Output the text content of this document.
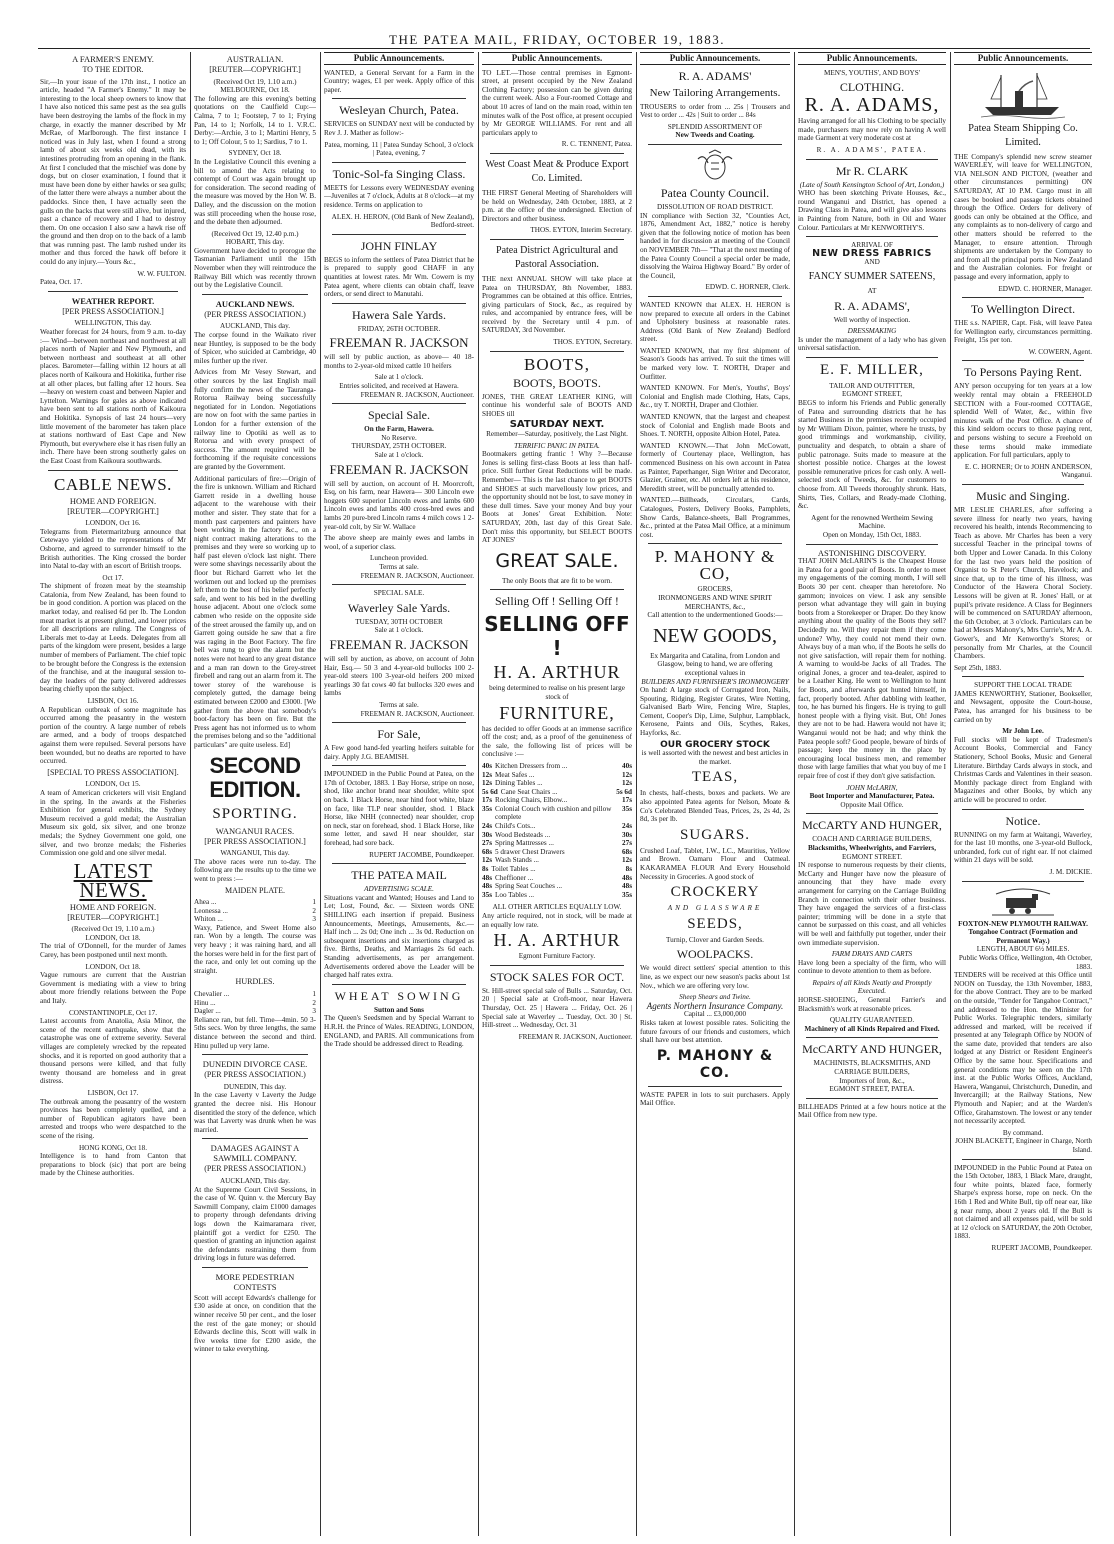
THE PATEA MAIL, FRIDAY, OCTOBER 19, 1883.
A FARMER'S ENEMY.
TO THE EDITOR.

Sir,—In your issue of the 17th inst., I notice an article, headed "A Farmer's Enemy." It may be interesting to the local sheep owners to know that I have also noticed this same pest as the sea gulls have been destroying the lambs of the flock in my charge, in exactly the manner described by Mr McRae, of Marlborough. The first instance I noticed was in July last, when I found a strong lamb of about six weeks old dead, with its intestines protruding from an opening in the flank. At first I concluded that the mischief was done by dogs, but on closer examination, I found that it must have been done by either hawks or sea gulls; of the latter there were always a number about the paddocks. Since then, I have actually seen the gulls on the backs that were still alive, but injured, past a chance of recovery and I had to destroy them. On one occasion I also saw a hawk rise off the ground and then drop on to the back of a lamb that was running past. The lamb rushed under its mother and thus forced the hawk off before it could do any injury.—Yours &c.,

W. W. FULTON.
Patea, Oct. 17.
WEATHER REPORT.
[PER PRESS ASSOCIATION.]
WELLINGTON, This day.

Weather forecast for 24 hours, from 9 a.m. to-day :— Wind—between northeast and northwest at all places north of Napier and New Plymouth, and between northeast and southeast at all other places. Barometer—falling within 12 hours at all places north of Kaikoura and Hokitika, further rise at all other places, but falling after 12 hours. Sea—heavy on western coast and between Napier and Lyttelton. Warnings for gales as above indicated have been sent to all stations north of Kaikoura and Hokitika. Synopsis of last 24 hours—very little movement of the barometer has taken place at stations northward of East Cape and New Plymouth, but everywhere else it has risen fully an inch. There have been strong southerly gales on the East Coast from Kaikoura southwards.

CABLE NEWS.
HOME AND FOREIGN.
[REUTER—COPYRIGHT.]
LONDON, Oct 16.

Telegrams from Pietermaritzburg announce that Cetewayo yielded to the representations of Mr Osborne, and agreed to surrender himself to the British authorities. The King crossed the border into Natal to-day with an escort of British troops.

Oct 17.

The shipment of frozen meat by the steamship Catalonia, from New Zealand, has been found to be in good condition. A portion was placed on the market today, and realised 6d per lb. The London meat market is at present glutted, and lower prices for all descriptions are ruling. The Congress of Liberals met to-day at Leeds. Delegates from all parts of the kingdom were present, besides a large number of members of Parliament. The chief topic to be brought before the Congress is the extension of the franchise, and at the inaugural session to-day the leaders of the party delivered addresses bearing chiefly upon the subject.

LISBON, Oct 16.

A Republican outbreak of some magnitude has occurred among the peasantry in the western portion of the country. A large number of rebels are armed, and a body of troops despatched against them were repulsed. Several persons have been wounded, but no deaths are reported to have occurred.

[SPECIAL TO PRESS ASSOCIATION].
LONDON, Oct 15.

A team of American cricketers will visit England in the spring. In the awards at the Fisheries Exhibition for general exhibits, the Sydney Museum received a gold medal; the Australian Museum six gold, six silver, and one bronze medals; the Sydney Government one gold, one silver, and two bronze medals; the Fisheries Commission one gold and one silver medal.

LATEST NEWS.
HOME AND FOREIGN.
[REUTER—COPYRIGHT.]
(Received Oct 19, 1.10 a.m.)
LONDON, Oct 18.

The trial of O'Donnell, for the murder of James Carey, has been postponed until next month.

LONDON, Oct 18.

Vague rumours are current that the Austrian Government is mediating with a view to bring about more friendly relations between the Pope and Italy.

CONSTANTINOPLE, Oct 17.

Latest accounts from Anatolia, Asia Minor, the scene of the recent earthquake, show that the catastrophe was one of extreme severity. Several villages are completely wrecked by the repeated shocks, and it is reported on good authority that a thousand persons were killed, and that fully twenty thousand are homeless and in great distress.

LISBON, Oct 17.

The outbreak among the peasantry of the western provinces has been completely quelled, and a number of Republican agitators have been arrested and troops who were despatched to the scene of the rising.

HONG KONG, Oct 18.

Intelligence is to hand from Canton that preparations to block (sic) that port are being made by the Chinese authorities.

AUSTRALIAN.
[REUTER—COPYRIGHT.]
(Received Oct 19, 1.10 a.m.)
MELBOURNE, Oct 18.

The following are this evening's betting quotations on the Caulfield Cup:— Calma, 7 to 1; Footstep, 7 to 1; Frying Pan, 14 to 1; Norfolk, 14 to 1. V.R.C. Derby:—Archie, 3 to 1; Martini Henry, 5 to 1; Off Colour, 5 to 1; Sardius, 7 to 1.

SYDNEY, Oct 18.

In the Legislative Council this evening a bill to amend the Acts relating to contempt of Court was again brought up for consideration. The second reading of the measure was moved by the Hon W. B. Dalley, and the discussion on the motion was still proceeding when the house rose, and the debate then adjourned.

(Received Oct 19, 12.40 p.m.)
HOBART, This day.

Government have decided to prorogue the Tasmanian Parliament until the 15th November when they will reintroduce the Railway Bill which was recently thrown out by the Legislative Council.

AUCKLAND NEWS.
(PER PRESS ASSOCIATION.)
AUCKLAND, This day.

The corpse found in the Waikato river near Huntley, is supposed to be the body of Spicer, who suicided at Cambridge, 40 miles further up the river.

Advices from Mr Vesey Stewart, and other sources by the last English mail fully confirm the news of the Tauranga-Rotorua Railway being successfully negotiated for in London. Negotiations are now on foot with the same parties in London for a further extension of the railway line to Opotiki as well as to Rotorua and with every prospect of success. The amount required will be forthcoming if the requisite concessions are granted by the Government.

Additional particulars of fire:—Origin of the fire is unknown. William and Richard Garrett reside in a dwelling house adjacent to the warehouse with their mother and sister. They state that for a month past carpenters and painters have been working in the factory &c., on a night contract making alterations to the premises and they were so working up to half past eleven o'clock last night. There were some shavings necessarily about the floor but Richard Garrett who let the workmen out and locked up the premises left them to the best of his belief perfectly safe, and went to his bed in the dwelling house adjacent. About one o'clock some cabmen who reside on the opposite side of the street aroused the family up, and on Garrett going outside he saw that a fire was raging in the Boot Factory. The fire bell was rung to give the alarm but the notes were not heard to any great distance and a man ran down to the Grey-street firebell and rang out an alarm from it. The tower storey of the warehouse is completely gutted, the damage being estimated between £2000 and £3000. [We gather from the above that somebody's boot-factory has been on fire. But the Press agent has not informed us to whom the premises belong and so the "additional particulars" are quite useless. Ed]

SECOND EDITION.
SPORTING.
WANGANUI RACES.
[PER PRESS ASSOCIATION.]
WANGANUI, This day.

The above races were run to-day. The following are the results up to the time we went to press :—

MAIDEN PLATE.
Ahea ...	1
Leonessa ...	2
Whiton ...	3

Waxy, Patience, and Sweet Home also ran. Won by a length. The course was very heavy ; it was raining hard, and all the horses were held in for the first part of the race, and only let out coming up the straight.

HURDLES.
Chevalier ...	1
Hinu ...	2
Dagler ...	3

Reliance ran, but fell. Time—4min. 50 3-5ths secs. Won by three lengths, the same distance between the second and third. Hinu pulled up very lame.

DUNEDIN DIVORCE CASE.
(PER PRESS ASSOCIATION.)
DUNEDIN, This day.

In the case Laverty v Laverty the Judge granted the decree nisi. His Honour disentitled the story of the defence, which was that Laverty was drunk when he was married.

DAMAGES AGAINST A SAWMILL COMPANY.
(PER PRESS ASSOCIATION.)
AUCKLAND, This day.

At the Supreme Court Civil Sessions, in the case of W. Quinn v. the Mercury Bay Sawmill Company, claim £1000 damages to property through defendants driving logs down the Kaimaramara river, plaintiff got a verdict for £250. The question of granting an injunction against the defendants restraining them from driving logs in future was deferred.

MORE PEDESTRIAN CONTESTS

Scott will accept Edwards's challenge for £30 aside at once, on condition that the winner receive 50 per cent., and the loser the rest of the gate money; or should Edwards decline this, Scott will walk in five weeks time for £200 aside, the winner to take everything.

Public Announcements.

WANTED, a General Servant for a Farm in the Country; wages, £1 per week. Apply office of this paper.

Wesleyan Church, Patea.

SERVICES on SUNDAY next will be conducted by Rev J. J. Mather as follow:-

Patea, morning, 11 | Patea Sunday School, 3 o'clock | Patea, evening, 7
Tonic-Sol-fa Singing Class.

MEETS for Lessons every WEDNESDAY evening—Juveniles at 7 o'clock, Adults at 8 o'clock—at my residence. Terms on application to

ALEX. H. HERON, (Old Bank of New Zealand), Bedford-street.
JOHN FINLAY

BEGS to inform the settlers of Patea District that he is prepared to supply good CHAFF in any quantities at lowest rates. Mr Wm. Cowern is my Patea agent, where clients can obtain chaff, leave orders, or send direct to Manutahi.

Hawera Sale Yards.
FRIDAY, 26TH OCTOBER.
FREEMAN R. JACKSON

will sell by public auction, as above— 40 18-months to 2-year-old mixed cattle 10 heifers

Sale at 1 o'clock.
Entries solicited, and received at Hawera.
FREEMAN R. JACKSON, Auctioneer.
Special Sale.
On the Farm, Hawera.
No Reserve.
THURSDAY, 25TH OCTOBER.
Sale at 1 o'clock.
FREEMAN R. JACKSON

will sell by auction, on account of H. Moorcroft, Esq, on his farm, near Hawera— 300 Lincoln ewe hoggets 600 superior Lincoln ewes and lambs 600 Lincoln ewes and lambs 400 cross-bred ewes and lambs 20 pure-bred Lincoln rams 4 milch cows 1 2-year-old colt, by Sir W. Wallace

The above sheep are mainly ewes and lambs in wool, of a superior class.

Luncheon provided.
Terms at sale.
FREEMAN R. JACKSON, Auctioneer.
SPECIAL SALE.
Waverley Sale Yards.
TUESDAY, 30TH OCTOBER
Sale at 1 o'clock.
FREEMAN R. JACKSON

will sell by auction, as above, on account of John Hair, Esq.— 50 3 and 4-year-old bullocks 100 2-year-old steers 100 3-year-old heifers 200 mixed yearlings 30 fat cows 40 fat bullocks 320 ewes and lambs

Terms at sale.
FREEMAN R. JACKSON, Auctioneer.
For Sale,

A Few good hand-fed yearling heifers suitable for dairy. Apply J.G. BEAMISH.

IMPOUNDED in the Public Pound at Patea, on the 17th of October, 1883. 1 Bay Horse, stripe on nose, shod, like anchor brand near shoulder, white spot on back. 1 Black Horse, near hind foot white, blaze on face, like TLP near shoulder, shod. 1 Black Horse, like NHH (connected) near shoulder, crop on neck, star on forehead, shod. 1 Black Horse, like some letter, and sawd H near shoulder, star forehead, had sore back.

RUPERT JACOMBE, Poundkeeper.
THE PATEA MAIL
ADVERTISING SCALE.

Situations vacant and Wanted; Houses and Land to Let; Lost, Found, &c. — Sixteen words ONE SHILLING each insertion if prepaid. Business Announcements, Meetings, Amusements, &c.— Half inch ... 2s 0d; One inch ... 3s 0d. Reduction on subsequent insertions and six insertions charged as five. Births, Deaths, and Marriages 2s 6d each. Standing advertisements, as per arrangement. Advertisements ordered above the Leader will be charged half rates extra.

WHEAT SOWING
Sutton and Sons

The Queen's Seedsmen and by Special Warrant to H.R.H. the Prince of Wales. READING, LONDON, ENGLAND, and PARIS. All communications from the Trade should be addressed direct to Reading.

Public Announcements.

TO LET.—Those central premises in Egmont-street, at present occupied by the New Zealand Clothing Factory; possession can be given during the current week. Also a Four-roomed Cottage and about 10 acres of land on the main road, within ten minutes walk of the Post office, at present occupied by Mr GEORGE WILLIAMS. For rent and all particulars apply to

R. C. TENNENT, Patea.
West Coast Meat & Produce Export Co. Limited.

THE FIRST General Meeting of Shareholders will be held on Wednesday, 24th October, 1883, at 2 p.m. at the office of the undersigned. Election of Directors and other business.

THOS. EYTON, Interim Secretary.
Patea District Agricultural and Pastoral Association.

THE next ANNUAL SHOW will take place at Patea on THURSDAY, 8th November, 1883. Programmes can be obtained at this office. Entries, giving particulars of Stock, &c., as required by rules, and accompanied by entrance fees, will be received by the Secretary until 4 p.m. of SATURDAY, 3rd November.

THOS. EYTON, Secretary.
BOOTS,
BOOTS, BOOTS.

JONES, THE GREAT LEATHER KING, will continue his wonderful sale of BOOTS AND SHOES till

SATURDAY NEXT.
Remember—Saturday, positively, the Last Night.
TERRIFIC PANIC IN PATEA.

Bootmakers getting frantic ! Why ?—Because Jones is selling first-class Boots at less than half-price. Still further Great Reductions will be made. Remember— This is the last chance to get BOOTS and SHOES at such marvellously low prices, and the opportunity should not be lost, to save money in these dull times. Save your money And buy your Boots at Jones' Great Exhibition. Note: SATURDAY, 20th, last day of this Great Sale. Don't miss this opportunity, but SELECT BOOTS AT JONES'

GREAT SALE.
The only Boots that are fit to be worn.
Selling Off ! Selling Off !
SELLING OFF !
H. A. ARTHUR
being determined to realise on his present large stock of
FURNITURE,

has decided to offer Goods at an immense sacrifice off the cost; and, as a proof of the genuineness of the sale, the following list of prices will be conclusive :—

40s Kitchen Dressers from ...	40s
12s Meat Safes ...	12s
12s Dining Tables ...	12s
5s 6d Cane Seat Chairs ...	5s 6d
17s Rocking Chairs, Elbow...	17s
35s Colonial Couch with cushion and pillow complete
35s
24s Child's Cots...	24s
30s Wood Bedsteads ...	30s
27s Spring Mattresses ...	27s
68s 5 drawer Chest Drawers	68s
12s Wash Stands ...	12s
8s Toilet Tables ...	8s
48s Cheffioner ...	48s
48s Spring Seat Couches ...	48s
35s Loo Tables ...	35s
ALL OTHER ARTICLES EQUALLY LOW.

Any article required, not in stock, will be made at an equally low rate.

H. A. ARTHUR
Egmont Furniture Factory.
STOCK SALES FOR OCT.

St. Hill-street special sale of Bulls ... Saturday, Oct. 20 | Special sale at Croft-moor, near Hawera Thursday, Oct. 25 | Hawera ... Friday, Oct. 26 | Special sale at Waverley ... Tuesday, Oct. 30 | St. Hill-street ... Wednesday, Oct. 31

FREEMAN R. JACKSON, Auctioneer.
Public Announcements.
R. A. ADAMS'
New Tailoring Arrangements.

TROUSERS to order from ... 25s | Trousers and Vest to order ... 42s | Suit to order ... 84s

SPLENDID ASSORTMENT OF
New Tweeds and Coating.
Patea County Council.
DISSOLUTION OF ROAD DISTRICT.

IN compliance with Section 32, "Counties Act, 1876, Amendment Act, 1882," notice is hereby given that the following notice of motion has been handed in for discussion at meeting of the Council on NOVEMBER 7th— "That at the next meeting of the Patea County Council a special order be made, dissolving the Wairoa Highway Board." By order of the Council,

EDWD. C. HORNER, Clerk.

WANTED KNOWN that ALEX. H. HERON is now prepared to execute all orders in the Cabinet and Upholstery business at reasonable rates. Address (Old Bank of New Zealand) Bedford street.

WANTED KNOWN, that my first shipment of Season's Goods has arrived. To suit the times will be marked very low. T. NORTH, Draper and Outfitter.

WANTED KNOWN. For Men's, Youths', Boys' Colonial and English made Clothing, Hats, Caps, &c., try T. NORTH, Draper and Clothier.

WANTED KNOWN, that the largest and cheapest stock of Colonial and English made Boots and Shoes. T. NORTH, opposite Albion Hotel, Patea.

WANTED KNOWN.—That John McCowatt, formerly of Courtenay place, Wellington, has commenced Business on his own account in Patea as Painter, Paperhanger, Sign Writer and Decorator, Glazier, Grainer, etc. All orders left at his residence, Meredith street, will be punctually attended to.

WANTED.—Billheads, Circulars, Cards, Catalogues, Posters, Delivery Books, Pamphlets, Show Cards, Balance-sheets, Ball Programmes, &c., printed at the Patea Mail Office, at a minimum cost.

P. MAHONY & CO,
GROCERS,
IRONMONGERS AND WINE SPIRIT MERCHANTS, &c.,
Call attention to the undermentioned Goods:—
NEW GOODS,
Ex Margarita and Catalina, from London and Glasgow, being to hand, we are offering exceptional values in
BUILDERS AND FURNISHER'S IRONMONGERY

On hand: A large stock of Corrugated Iron, Nails, Spouting, Ridging, Register Grates, Wire Netting, Galvanised Barb Wire, Fencing Wire, Staples, Cement, Cooper's Dip, Lime, Sulphur, Lampblack, Kerosene, Paints and Oils, Scythes, Rakes, Hayforks, &c.

OUR GROCERY STOCK
is well assorted with the newest and best articles in the market.
TEAS,

In chests, half-chests, boxes and packets. We are also appointed Patea agents for Nelson, Moate & Co's Celebrated Blended Teas, Prices, 2s, 2s 4d, 2s 8d, 3s per lb.

SUGARS.

Crushed Loaf, Tablet, I.W., LC., Mauritius, Yellow and Brown. Oamaru Flour and Oatmeal. KAKARAMEA FLOUR And Every Household Necessity in Groceries. A good stock of

CROCKERY
AND GLASSWARE
SEEDS,
Turnip, Clover and Garden Seeds.
WOOLPACKS.

We would direct settlers' special attention to this line, as we expect our new season's packs about 1st Nov., which we are offering very low.

Sheep Shears and Twine.
Agents Northern Insurance Company.
Capital ... £3,000,000

Risks taken at lowest possible rates. Soliciting the future favours of our friends and customers, which shall have our best attention.

P. MAHONY & CO.

WASTE PAPER in lots to suit purchasers. Apply Mail Office.

Public Announcements.
MEN'S, YOUTHS', AND BOYS'
CLOTHING.
R. A. ADAMS,

Having arranged for all his Clothing to be specially made, purchasers may now rely on having A well made Garment at very moderate cost at

R. A. ADAMS', PATEA.
Mr R. CLARK
(Late of South Kensington School of Art, London,)

WHO has been sketching Private Houses, &c., round Wanganui and District, has opened a Drawing Class in Patea, and will give also lessons in Painting from Nature, both in Oil and Water Colour. Particulars at Mr KENWORTHY'S.

ARRIVAL OF
NEW DRESS FABRICS
AND
FANCY SUMMER SATEENS,
AT
R. A. ADAMS',
Well worthy of inspection.
DRESSMAKING

Is under the management of a lady who has given universal satisfaction.

E. F. MILLER,
TAILOR AND OUTFITTER,
EGMONT STREET,

BEGS to inform his Friends and Public generally of Patea and surrounding districts that he has started Business in the premises recently occupied by Mr William Dixon, painter, where he trusts, by good trimmings and workmanship, civility, punctuality and despatch, to obtain a share of public patronage. Suits made to measure at the shortest possible notice. Charges at the lowest possible remunerative prices for cash only. A well-selected stock of Tweeds, &c. for customers to choose from. All Tweeds thoroughly shrunk. Hats, Shirts, Ties, Collars, and Ready-made Clothing, &c.

Agent for the renowned Wertheim Sewing Machine.
Open on Monday, 15th Oct, 1883.
ASTONISHING DISCOVERY.

THAT JOHN McLARIN'S is the Cheapest House in Patea for a good pair of Boots. In order to meet my engagements of the coming month, I will sell Boots 30 per cent. cheaper than heretofore. No gammon; invoices on view. I ask any sensible person what advantage they will gain in buying boots from a Storekeeper or Draper. Do they know anything about the quality of the Boots they sell? Decidedly no. Will they repair them if they come undone? Why, they could not mend their own. Always buy of a man who, if the Boots he sells do not give satisfaction, will repair them for nothing. A warning to would-be Jacks of all Trades. The original Jones, a grocer and tea-dealer, aspired to be a Leather King. He went to Wellington to hunt for Boots, and afterwards got hunted himself, in fact, properly booted. After dabbling with leather, too, he has burned his fingers. He is trying to gull honest people with a flying visit. But, Oh! Jones they are not to be had. Hawera would not have it; Wanganui would not be had; and why think the Patea people soft? Good people, beware of birds of passage; keep the money in the place by encouraging local business men, and remember those with large families that what you buy of me I repair free of cost if they don't give satisfaction.

JOHN McLARIN,
Boot Importer and Manufacturer, Patea.
Opposite Mail Office.
McCARTY AND HUNGER,
COACH AND CARRIAGE BUILDERS,
Blacksmiths, Wheelwrights, and Farriers,
EGMONT STREET.

IN response to numerous requests by their clients, McCarty and Hunger have now the pleasure of announcing that they have made every arrangement for carrying on the Carriage Building Branch in connection with their other business. They have engaged the services of a first-class painter; trimming will be done in a style that cannot be surpassed on this coast, and all vehicles will be well and faithfully put together, under their own immediate supervision.

FARM DRAYS AND CARTS

Have long been a specialty of the firm, who will continue to devote attention to them as before.

Repairs of all Kinds Neatly and Promptly Executed.

HORSE-SHOEING, General Farrier's and Blacksmith's work at reasonable prices.

QUALITY GUARANTEED.
Machinery of all Kinds Repaired and Fixed.
McCARTY AND HUNGER,
MACHINISTS, BLACKSMITHS, AND CARRIAGE BUILDERS,
Importers of Iron, &c.,
EGMONT STREET, PATEA.

BILLHEADS Printed at a few hours notice at the Mail Office from new type.

Public Announcements.
Patea Steam Shipping Co. Limited.

THE Company's splendid new screw steamer WAVERLEY, will leave for WELLINGTON, VIA NELSON AND PICTON, (weather and other circumstances permitting) ON SATURDAY, AT 10 P.M. Cargo must in all cases be booked and passage tickets obtained through the Office. Orders for delivery of goods can only be obtained at the Office, and any complaints as to non-delivery of cargo and other matters should be referred to the Manager, to ensure attention. Through shipments are undertaken by the Company to and from all the principal ports in New Zealand and the Australian colonies. For freight or passage and every information, apply to

EDWD. C. HORNER, Manager.
To Wellington Direct.

THE s.s. NAPIER, Capt. Fisk, will leave Patea for Wellington early, circumstances permitting. Freight, 15s per ton.

W. COWERN, Agent.
To Persons Paying Rent.

ANY person occupying for ten years at a low weekly rental may obtain a FREEHOLD SECTION with a Four-roomed COTTAGE, splendid Well of Water, &c., within five minutes walk of the Post Office. A chance of this kind seldom occurs to those paying rent, and persons wishing to secure a Freehold on these terms should make immediate application. For full particulars, apply to

E. C. HORNER; Or to JOHN ANDERSON, Wanganui.
Music and Singing.

MR LESLIE CHARLES, after suffering a severe illness for nearly two years, having recovered his health, intends Recommencing to Teach as above. Mr Charles has been a very successful Teacher in the principal towns of both Upper and Lower Canada. In this Colony for the last two years held the position of Organist to St Peter's Church, Havelock; and since that, up to the time of his illness, was Conductor of the Hawera Choral Society. Lessons will be given at R. Jones' Hall, or at pupil's private residence. A Class for Beginners will be commenced on SATURDAY afternoon, the 6th October, at 3 o'clock. Particulars can be had at Messrs Mahony's, Mrs Currie's, Mr A. A. Gower's, and Mr Kenworthy's Stores; or personally from Mr Charles, at the Council Chambers.

Sept 25th, 1883.
SUPPORT THE LOCAL TRADE

JAMES KENWORTHY, Stationer, Bookseller, and Newsagent, opposite the Court-house, Patea, has arranged for his business to be carried on by

Mr John Lee.

Full stocks will be kept of Tradesmen's Account Books, Commercial and Fancy Stationery, School Books, Music and General Literature. Birthday Cards always in stock, and Christmas Cards and Valentines in their season. Monthly package direct from England with Magazines and other Books, by which any article will be procured to order.

Notice.

RUNNING on my farm at Waitangi, Waverley, for the last 10 months, one 3-year-old Bullock, unbranded, fork cut of right ear. If not claimed within 21 days will be sold.

J. M. DICKIE.
FOXTON-NEW PLYMOUTH RAILWAY.
Tongahoe Contract (Formation and Permanent Way.)
LENGTH, ABOUT 6½ MILES.
Public Works Office, Wellington, 4th October, 1883.

TENDERS will be received at this Office until NOON on Tuesday, the 13th November, 1883, for the above Contract. They are to be marked on the outside, "Tender for Tangahoe Contract," and addressed to the Hon. the Minister for Public Works. Telegraphic tenders, similarly addressed and marked, will be received if presented at any Telegraph Office by NOON of the same date, provided that tenders are also lodged at any District or Resident Engineer's Office by the same hour. Specifications and general conditions may be seen on the 17th inst. at the Public Works Offices, Auckland, Hawera, Wanganui, Christchurch, Dunedin, and Invercargill; at the Railway Stations, New Plymouth and Napier; and at the Warden's Office, Grahamstown. The lowest or any tender not necessarily accepted.

By command.
JOHN BLACKETT, Engineer in Charge, North Island.

IMPOUNDED in the Public Pound at Patea on the 15th October, 1883, 1 Black Mare, draught, four white points, blazed face, formerly Sharpe's express horse, rope on neck. On the 16th 1 Red and White Bull, tip off near ear, like g near rump, about 2 years old. If the Bull is not claimed and all expenses paid, will be sold at 12 o'clock on SATURDAY, the 20th October, 1883.

RUPERT JACOMB, Poundkeeper.
